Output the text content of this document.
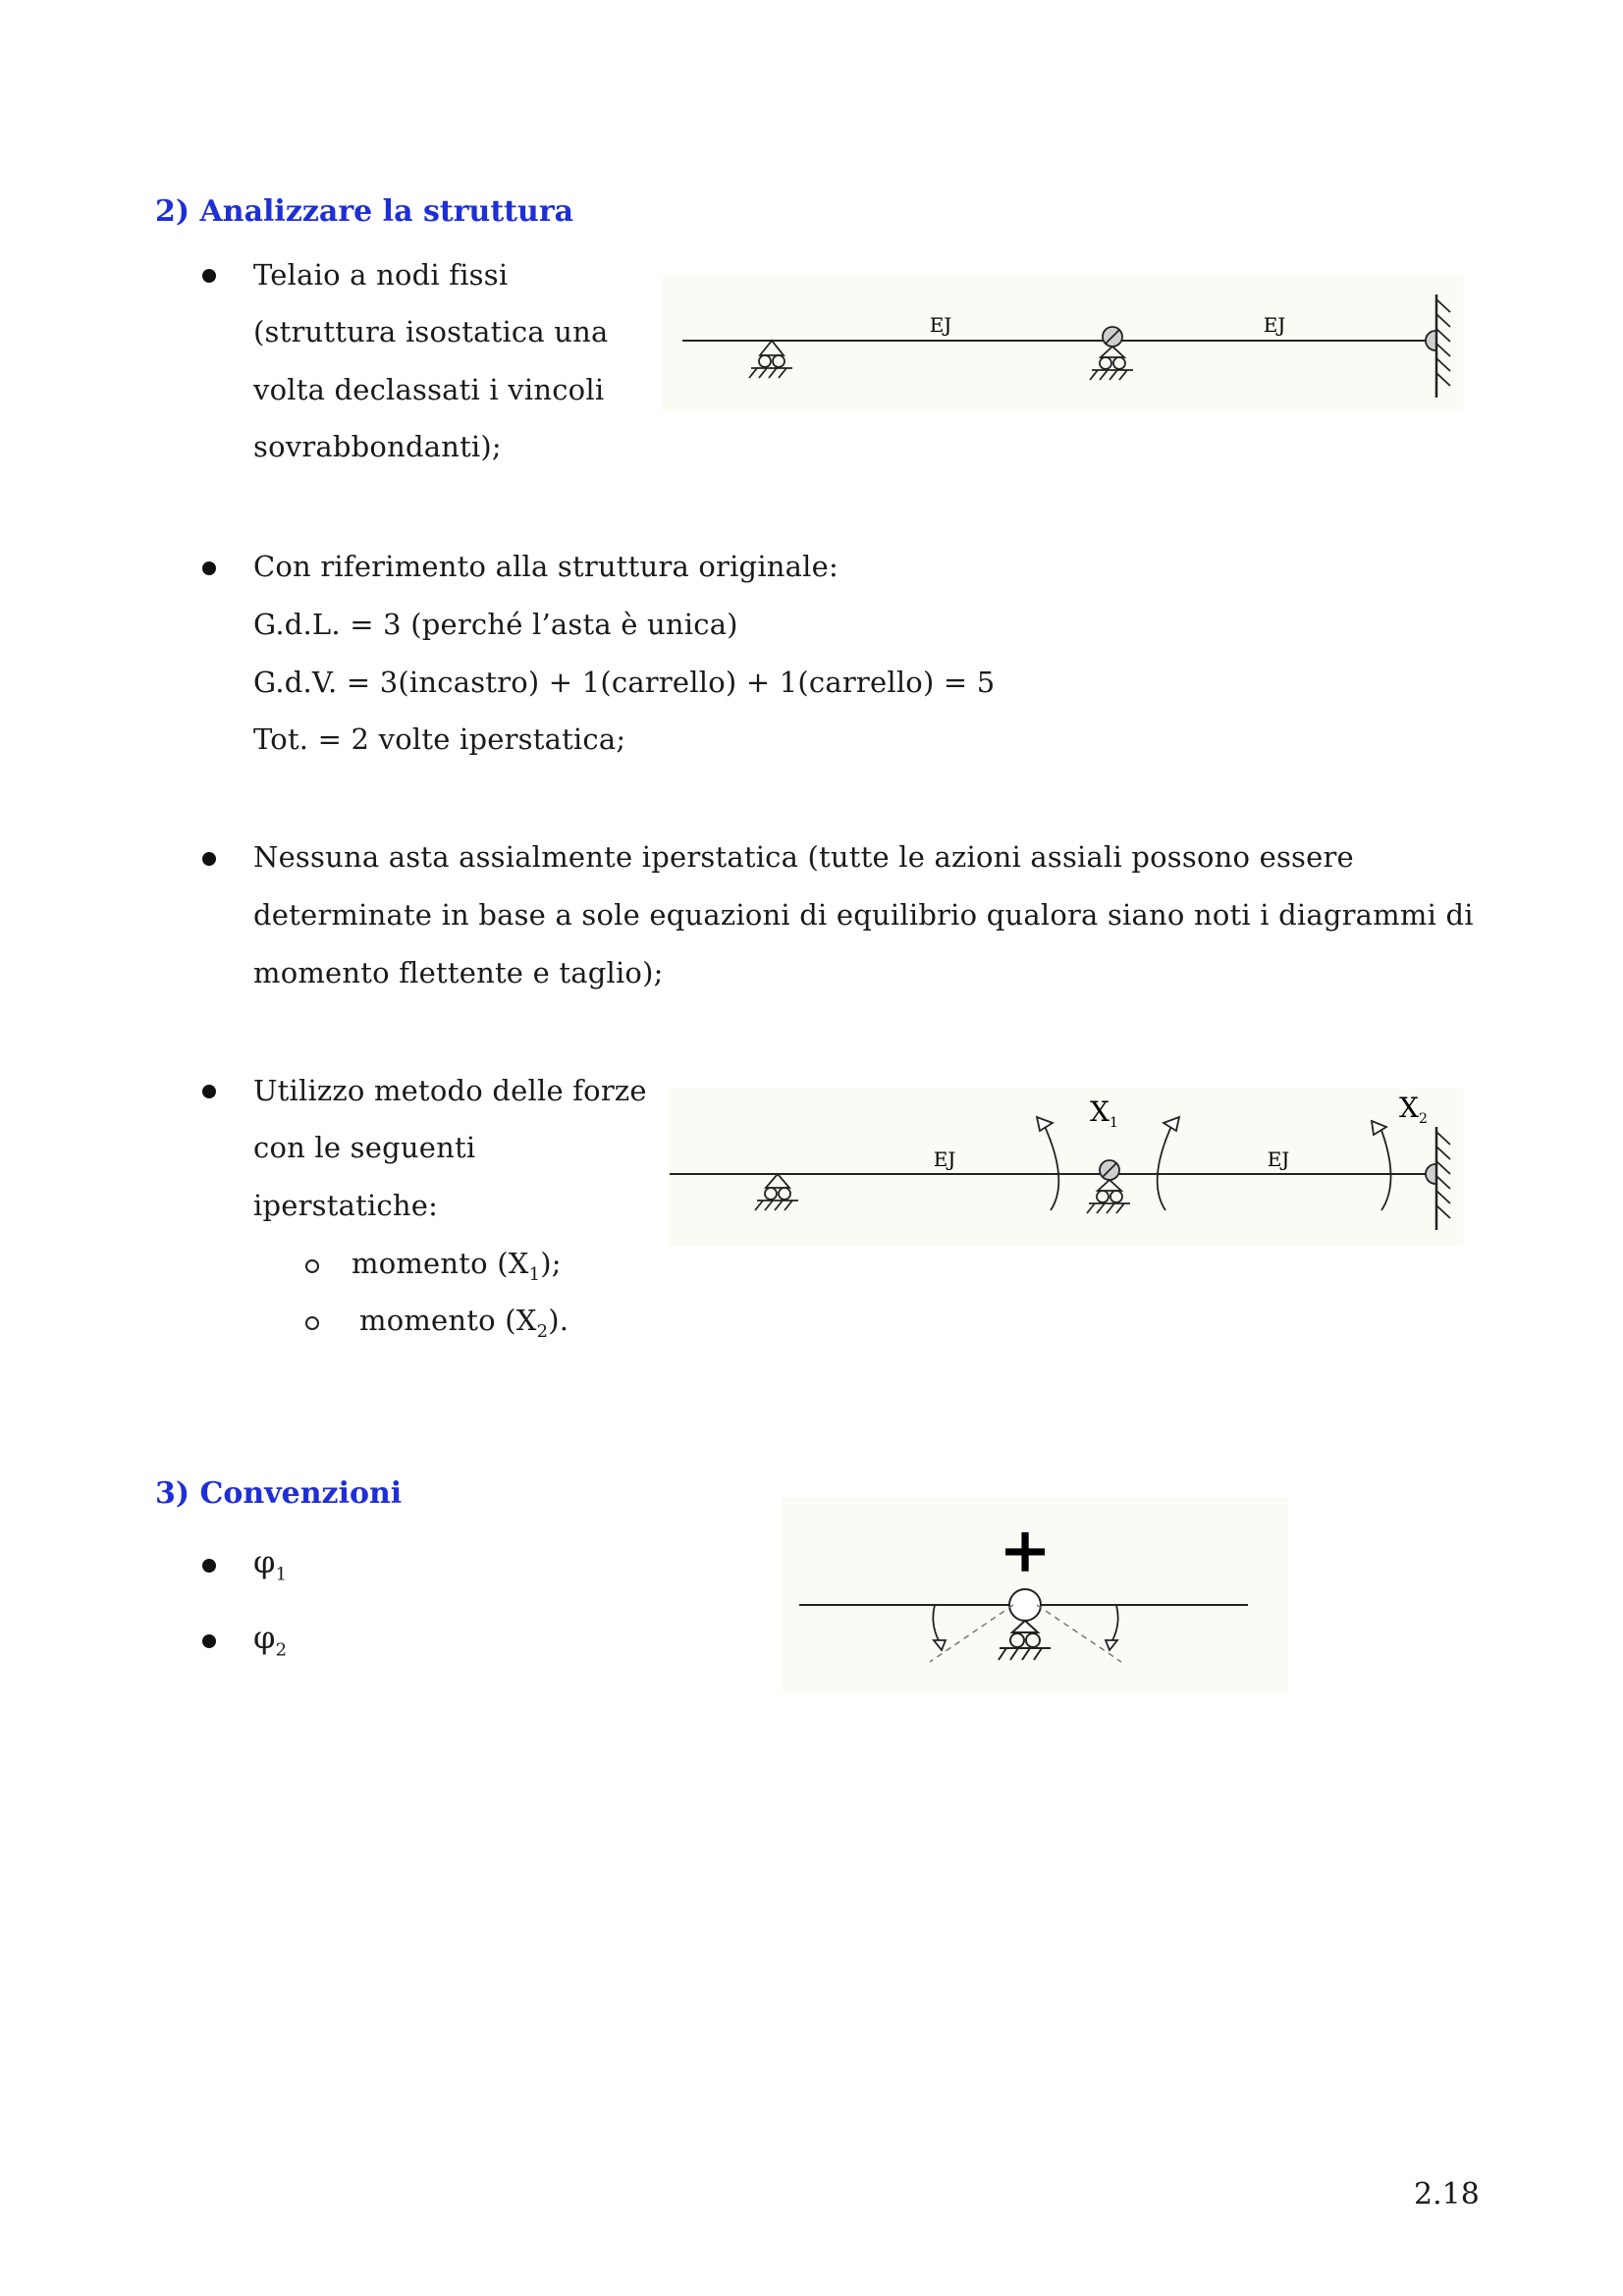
2) Analizzare la struttura
Telaio a nodi fissi
(struttura isostatica una
volta declassati i vincoli
sovrabbondanti);
EJ	EJ
Con riferimento alla struttura originale:
G.d.L. = 3 (perché l’asta è unica)
G.d.V. = 3(incastro) + 1(carrello) + 1(carrello) = 5
Tot. = 2 volte iperstatica;
Nessuna asta assialmente iperstatica (tutte le azioni assiali possono essere
determinate in base a sole equazioni di equilibrio qualora siano noti i diagrammi di
momento flettente e taglio);
Utilizzo metodo delle forze
con le seguenti
iperstatiche:
momento $(X_1)$;
momento $(X_2)$.
EJ	EJ
$X_1$	$X_2$
3) Convenzioni
$\varphi_1$
$\varphi_2$
+
2.18
